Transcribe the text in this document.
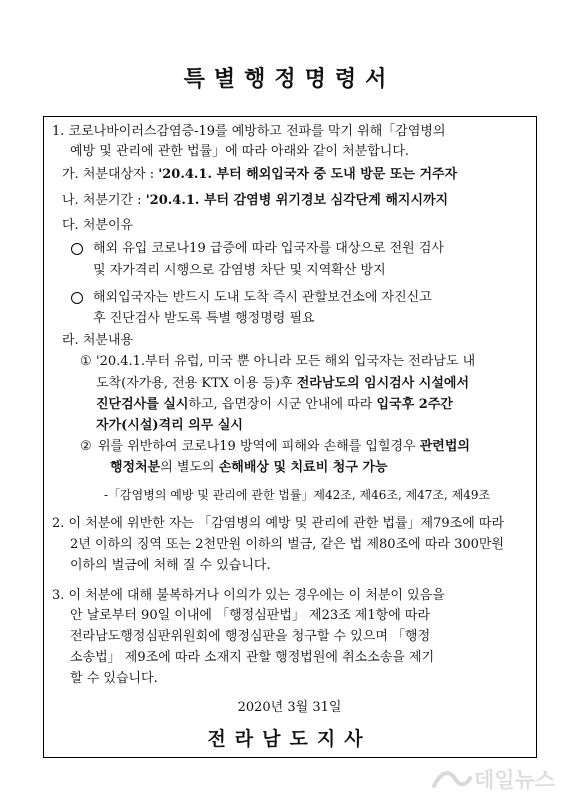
특별행정명령서

1. 코로나바이러스감염증-19를 예방하고 전파를 막기 위해「감염병의

예방 및 관리에 관한 법률」에 따라 아래와 같이 처분합니다.

가. 처분대상자 : '20.4.1. 부터 해외입국자 중 도내 방문 또는 거주자

나. 처분기간 : '20.4.1. 부터 감염병 위기경보 심각단계 해지시까지

다. 처분이유

해외 유입 코로나19 급증에 따라 입국자를 대상으로 전원 검사

및 자가격리 시행으로 감염병 차단 및 지역확산 방지

해외입국자는 반드시 도내 도착 즉시 관할보건소에 자진신고

후 진단검사 받도록 특별 행정명령 필요

라. 처분내용

① '20.4.1.부터 유럽, 미국 뿐 아니라 모든 해외 입국자는 전라남도 내

도착(자가용, 전용 KTX 이용 등)후 전라남도의 임시검사 시설에서

진단검사를 실시하고, 읍면장이 시군 안내에 따라 입국후 2주간

자가(시설)격리 의무 실시

② 위를 위반하여 코로나19 방역에 피해와 손해를 입힐경우 관련법의

행정처분의 별도의 손해배상 및 치료비 청구 가능

-「감염병의 예방 및 관리에 관한 법률」제42조, 제46조, 제47조, 제49조

2. 이 처분에 위반한 자는 「감염병의 예방 및 관리에 관한 법률」제79조에 따라

2년 이하의 징역 또는 2천만원 이하의 벌금, 같은 법 제80조에 따라 300만원

이하의 벌금에 처해 질 수 있습니다.

3. 이 처분에 대해 불복하거나 이의가 있는 경우에는 이 처분이 있음을

안 날로부터 90일 이내에 「행정심판법」 제23조 제1항에 따라

전라남도행정심판위원회에 행정심판을 청구할 수 있으며 「행정

소송법」 제9조에 따라 소재지 관할 행정법원에 취소소송을 제기

할 수 있습니다.

2020년 3월 31일
전라남도지사
데일뉴스
